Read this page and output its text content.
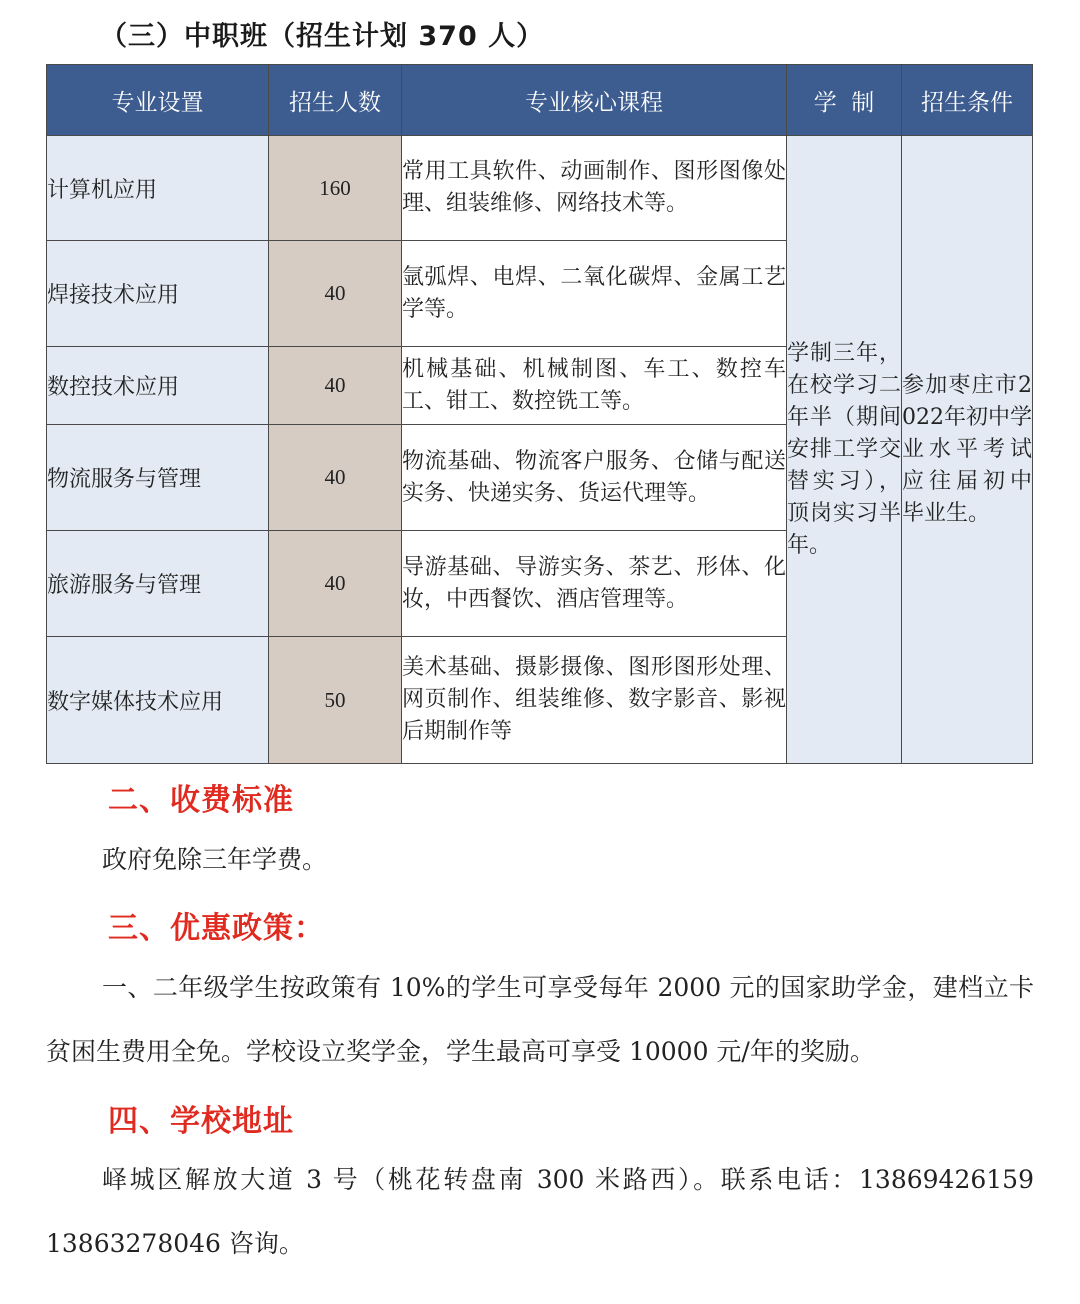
（三）中职班（招生计划 370 人）
专业设置	招生人数	专业核心课程	学  制	招生条件
计算机应用	160	常用工具软件、动画制作、图形图像处理、组装维修、网络技术等。	学制三年，在校学习二年半（期间安排工学交替实习），顶岗实习半年。	参加枣庄市2022年初中学业水平考试应往届初中毕业生。
焊接技术应用	40	氩弧焊、电焊、二氧化碳焊、金属工艺学等。		
数控技术应用	40	机械基础、机械制图、车工、数控车工、钳工、数控铣工等。		
物流服务与管理	40	物流基础、物流客户服务、仓储与配送实务、快递实务、货运代理等。		
旅游服务与管理	40	导游基础、导游实务、茶艺、形体、化妆，中西餐饮、酒店管理等。		
数字媒体技术应用	50	美术基础、摄影摄像、图形图形处理、网页制作、组装维修、数字影音、影视后期制作等		
二、收费标准
政府免除三年学费。
三、优惠政策：
一、二年级学生按政策有 10%的学生可享受每年 2000 元的国家助学金，建档立卡贫困生费用全免。学校设立奖学金，学生最高可享受 10000 元/年的奖励。
四、学校地址
峄城区解放大道 3 号（桃花转盘南 300 米路西）。联系电话：13869426159 13863278046 咨询。
